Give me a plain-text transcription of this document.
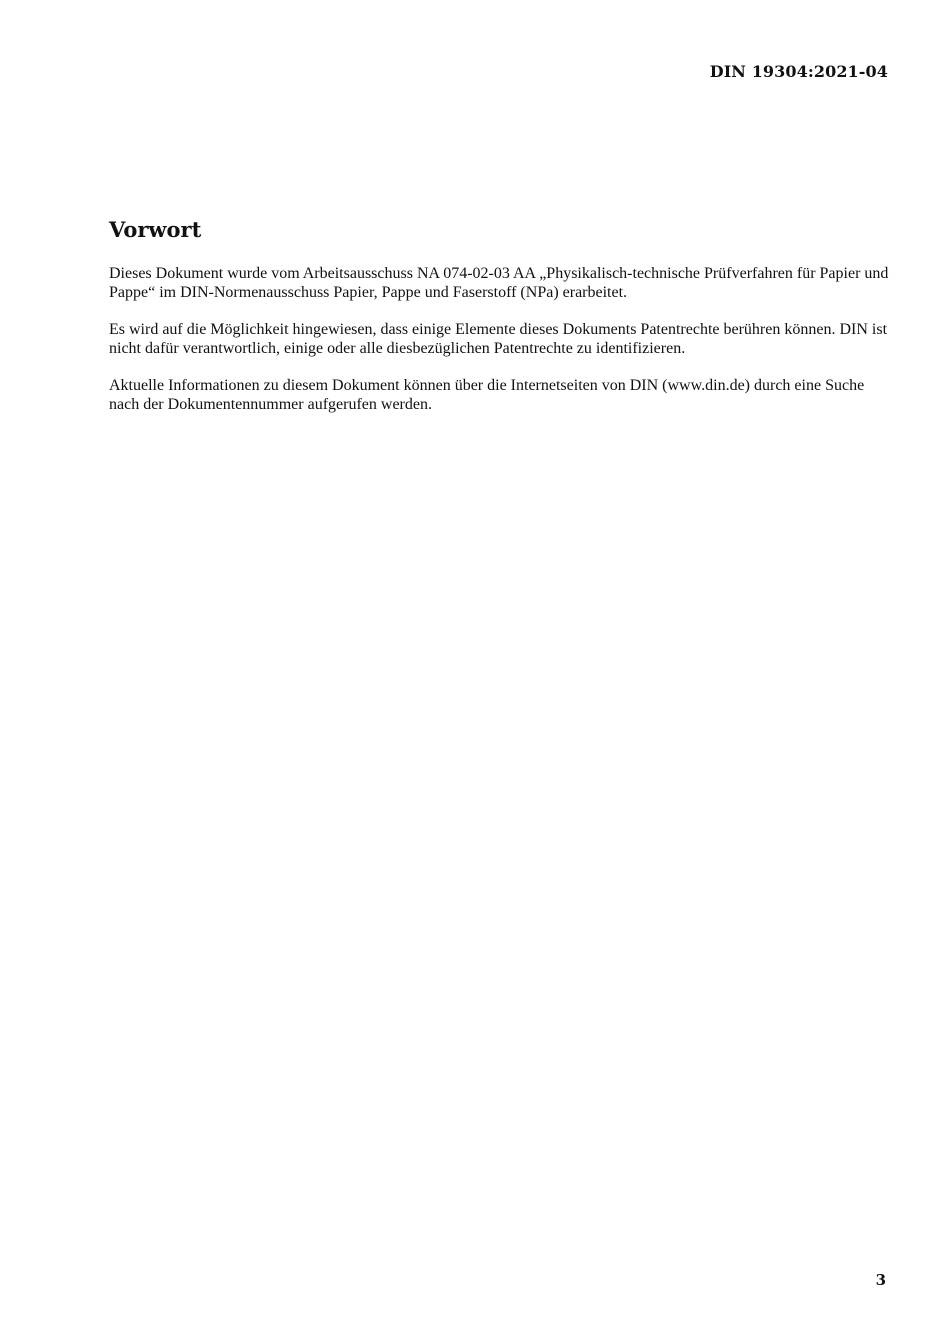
DIN 19304:2021-04
Vorwort

Dieses Dokument wurde vom Arbeitsausschuss NA 074-02-03 AA „Physikalisch-technische Prüfverfahren für Papier und Pappe“ im DIN-Normenausschuss Papier, Pappe und Faserstoff (NPa) erarbeitet.

Es wird auf die Möglichkeit hingewiesen, dass einige Elemente dieses Dokuments Patentrechte berühren können. DIN ist nicht dafür verantwortlich, einige oder alle diesbezüglichen Patentrechte zu identifizieren.

Aktuelle Informationen zu diesem Dokument können über die Internetseiten von DIN (www.din.de) durch eine Suche nach der Dokumentennummer aufgerufen werden.

3
